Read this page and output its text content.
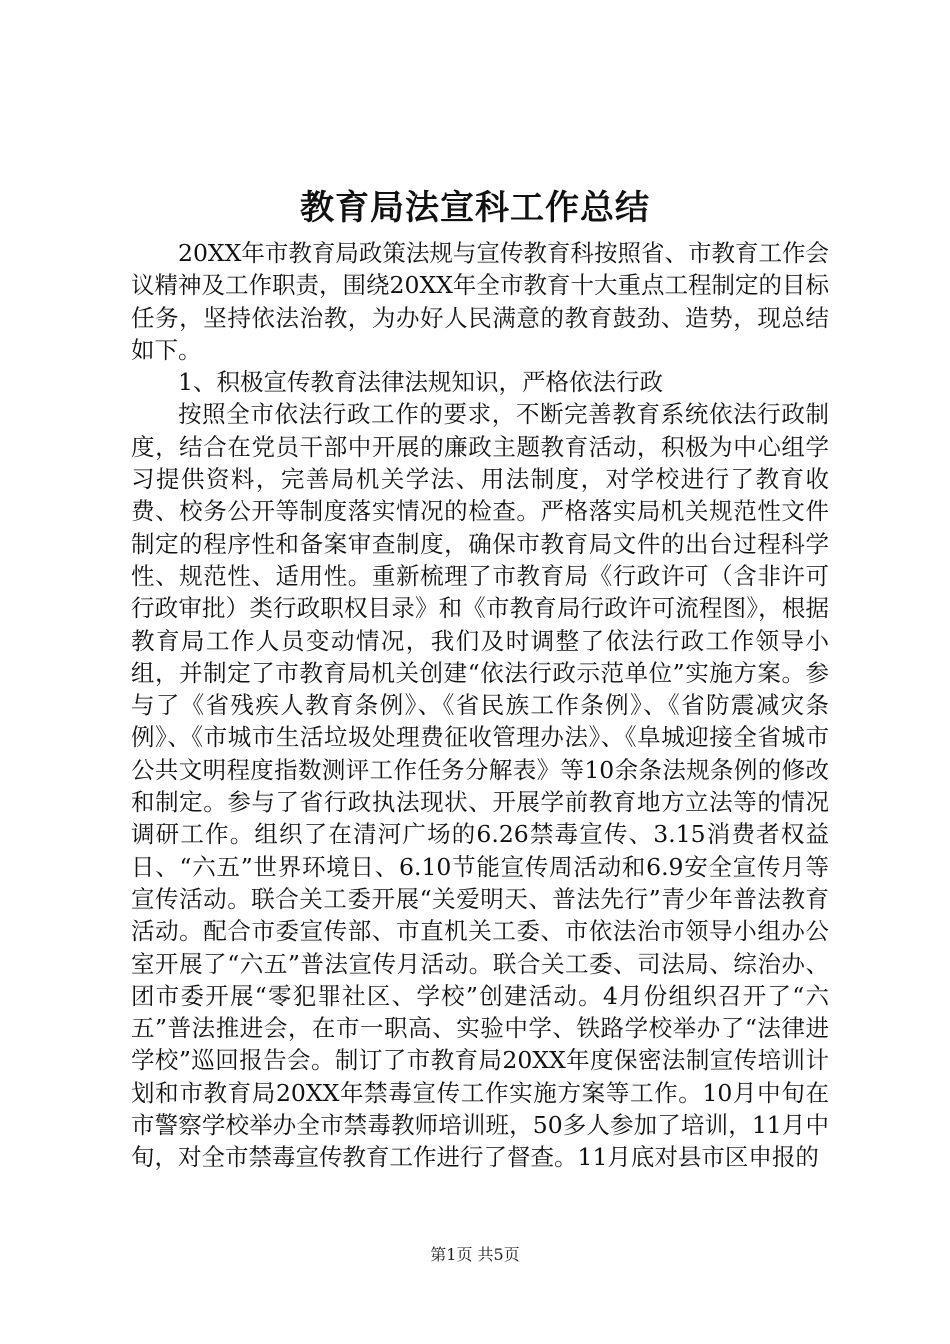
教育局法宣科工作总结

20XX年市教育局政策法规与宣传教育科按照省、市教育工作会议精神及工作职责，围绕20XX年全市教育十大重点工程制定的目标任务，坚持依法治教，为办好人民满意的教育鼓劲、造势，现总结如下。

1、积极宣传教育法律法规知识，严格依法行政

按照全市依法行政工作的要求，不断完善教育系统依法行政制度，结合在党员干部中开展的廉政主题教育活动，积极为中心组学习提供资料，完善局机关学法、用法制度，对学校进行了教育收费、校务公开等制度落实情况的检查。严格落实局机关规范性文件制定的程序性和备案审查制度，确保市教育局文件的出台过程科学性、规范性、适用性。重新梳理了市教育局《行政许可（含非许可行政审批）类行政职权目录》和《市教育局行政许可流程图》，根据教育局工作人员变动情况，我们及时调整了依法行政工作领导小组，并制定了市教育局机关创建“依法行政示范单位”实施方案。参与了《省残疾人教育条例》、《省民族工作条例》、《省防震减灾条例》、《市城市生活垃圾处理费征收管理办法》、《阜城迎接全省城市公共文明程度指数测评工作任务分解表》等10余条法规条例的修改和制定。参与了省行政执法现状、开展学前教育地方立法等的情况调研工作。组织了在清河广场的6.26禁毒宣传、3.15消费者权益日、“六五”世界环境日、6.10节能宣传周活动和6.9安全宣传月等宣传活动。联合关工委开展“关爱明天、普法先行”青少年普法教育活动。配合市委宣传部、市直机关工委、市依法治市领导小组办公室开展了“六五”普法宣传月活动。联合关工委、司法局、综治办、团市委开展“零犯罪社区、学校”创建活动。4月份组织召开了“六五”普法推进会，在市一职高、实验中学、铁路学校举办了“法律进学校”巡回报告会。制订了市教育局20XX年度保密法制宣传培训计划和市教育局20XX年禁毒宣传工作实施方案等工作。10月中旬在市警察学校举办全市禁毒教师培训班，50多人参加了培训，11月中旬，对全市禁毒宣传教育工作进行了督查。11月底对县市区申报的

第1页 共5页
